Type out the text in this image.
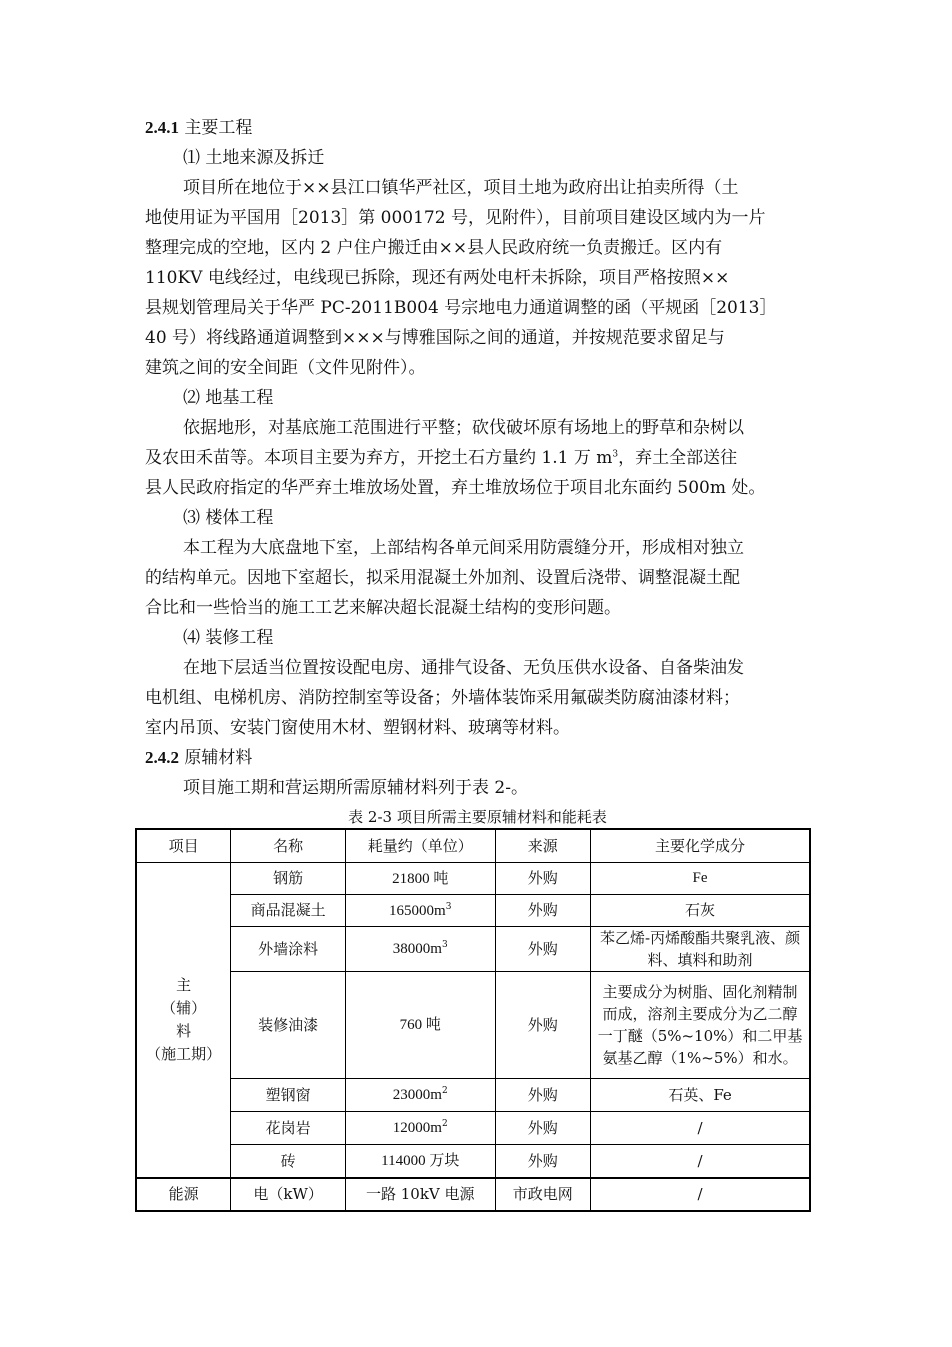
2.4.1 主要工程

⑴ 土地来源及拆迁

项目所在地位于××县江口镇华严社区，项目土地为政府出让拍卖所得（土

地使用证为平国用［2013］第 000172 号，见附件），目前项目建设区域内为一片

整理完成的空地，区内 2 户住户搬迁由××县人民政府统一负责搬迁。区内有

110KV 电线经过，电线现已拆除，现还有两处电杆未拆除，项目严格按照××

县规划管理局关于华严 PC-2011B004 号宗地电力通道调整的函（平规函［2013］

40 号）将线路通道调整到×××与博雅国际之间的通道，并按规范要求留足与

建筑之间的安全间距（文件见附件）。

⑵ 地基工程

依据地形，对基底施工范围进行平整；砍伐破坏原有场地上的野草和杂树以

及农田禾苗等。本项目主要为弃方，开挖土石方量约 1.1 万 $m^3$，弃土全部送往

县人民政府指定的华严弃土堆放场处置，弃土堆放场位于项目北东面约 500m 处。

⑶ 楼体工程

本工程为大底盘地下室，上部结构各单元间采用防震缝分开，形成相对独立

的结构单元。因地下室超长，拟采用混凝土外加剂、设置后浇带、调整混凝土配

合比和一些恰当的施工工艺来解决超长混凝土结构的变形问题。

⑷ 装修工程

在地下层适当位置按设配电房、通排气设备、无负压供水设备、自备柴油发

电机组、电梯机房、消防控制室等设备；外墙体装饰采用氟碳类防腐油漆材料；

室内吊顶、安装门窗使用木材、塑钢材料、玻璃等材料。

2.4.2 原辅材料

项目施工期和营运期所需原辅材料列于表 2-。

表 2-3 项目所需主要原辅材料和能耗表

项目	名称	耗量约（单位）	来源	主要化学成分

主
（辅）
料
（施工期）	钢筋	21800 吨	外购	Fe
	商品混凝土	$165000m^3$	外购	石灰
	外墙涂料	$38000m^3$	外购	苯乙烯-丙烯酸酯共聚乳液、颜料、填料和助剂
	装修油漆	760 吨	外购	主要成分为树脂、固化剂精制而成，溶剂主要成分为乙二醇一丁醚（5%~10%）和二甲基氨基乙醇（1%~5%）和水。
	塑钢窗	$23000m^2$	外购	石英、Fe
	花岗岩	$12000m^2$	外购	/
	砖	114000 万块	外购	/
能源	电（kW）	一路 10kV 电源	市政电网	/
